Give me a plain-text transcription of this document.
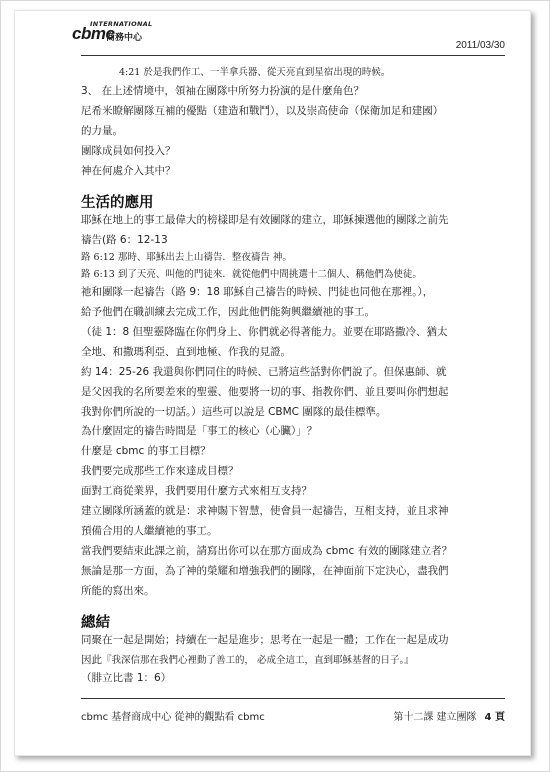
INTERNATIONAL
cbmc
商務中心
2011/03/30
4:21 於是我們作工、一半拿兵器、從天亮直到星宿出現的時候。
3、 在上述情境中，領袖在團隊中所努力扮演的是什麼角色？
尼希米瞭解團隊互補的優點（建造和戰鬥），以及崇高使命（保衛加足和建國）
的力量。
團隊成員如何投入？
神在何處介入其中？
生活的應用
耶穌在地上的事工最偉大的榜樣即是有效團隊的建立，耶穌揀選他的團隊之前先
禱告(路 6：12-13
路 6:12 那時、耶穌出去上山禱告．整夜禱告 神。
路 6:13 到了天亮、叫他的門徒來．就從他們中間挑選十二個人、稱他們為使徒。
祂和團隊一起禱告（路 9：18 耶穌自己禱告的時候、門徒也同他在那裡。），
給予他們在職訓練去完成工作，因此他們能夠興繼續祂的事工。
（徒 1：8 但聖靈降臨在你們身上、你們就必得著能力。並要在耶路撒冷、猶太
全地、和撒瑪利亞、直到地極、作我的見證。
約 14：25-26 我還與你們同住的時候、已將這些話對你們說了。但保惠師、就
是父因我的名所要差來的聖靈、他要將一切的事、指教你們、並且要叫你們想起
我對你們所說的一切話。）這些可以說是 CBMC 團隊的最佳標準。
為什麼固定的禱告時間是「事工的核心（心臟）」？
什麼是 cbmc 的事工目標？
我們要完成那些工作來達成目標？
面對工商從業界，我們要用什麼方式來相互支持？
建立團隊所涵蓋的就是：求神賜下智慧，使會員一起禱告，互相支持，並且求神
預備合用的人繼續祂的事工。
當我們要結束此課之前，請寫出你可以在那方面成為 cbmc 有效的團隊建立者？
無論是那一方面，為了神的榮耀和增強我們的團隊，在神面前下定決心，盡我們
所能的寫出來。
總結
同聚在一起是開始；持續在一起是進步；思考在一起是一體；工作在一起是成功
因此『我深信那在我們心裡動了善工的， 必成全這工，直到耶穌基督的日子。』
（腓立比書 1：6）
cbmc 基督商成中心 從神的觀點看 cbmc	第十二課 建立團隊 4 頁
